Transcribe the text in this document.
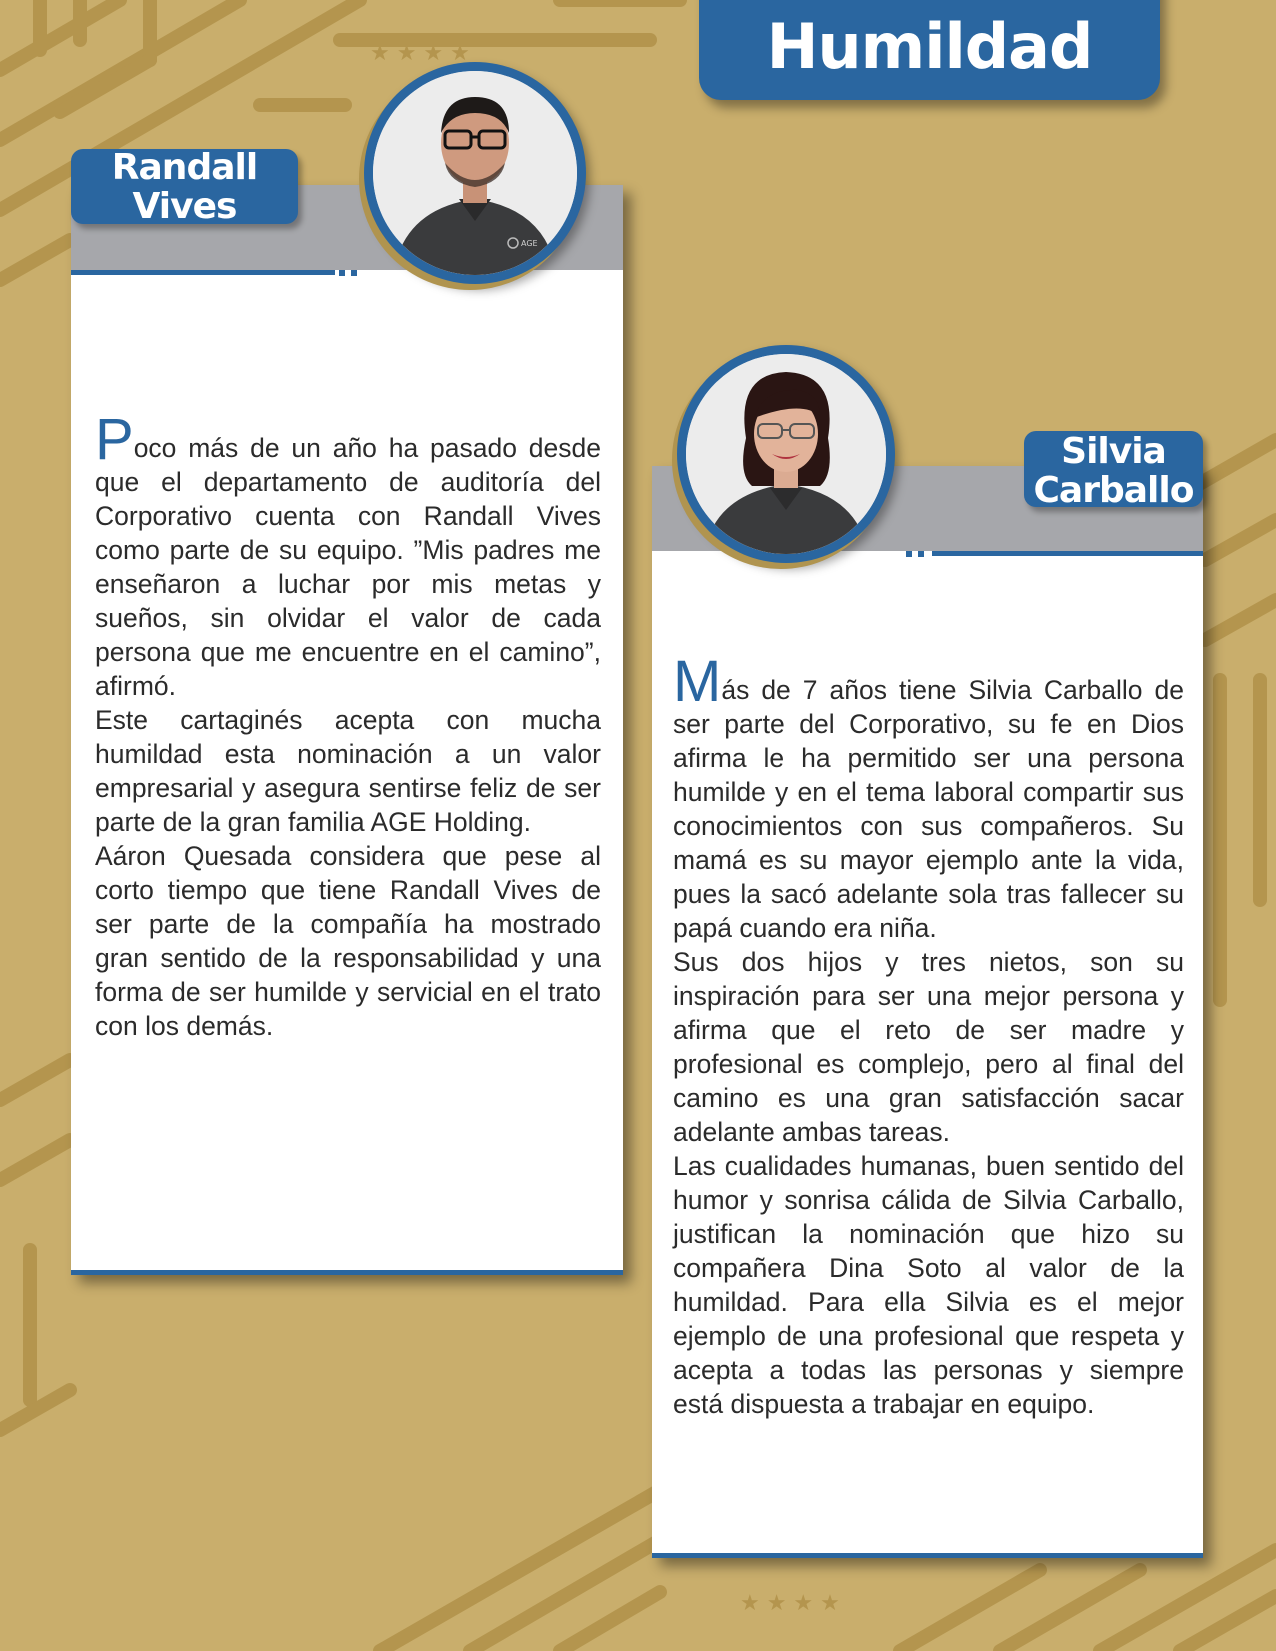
★ ★ ★ ★
★ ★ ★ ★
Humildad
Randall
Vives
AGE

Poco más de un año ha pasado desde que el departamento de auditoría del Corporativo cuenta con Randall Vives como parte de su equipo. ”Mis padres me enseñaron a luchar por mis metas y sueños, sin olvidar el valor de cada persona que me encuentre en el camino”, afirmó.

Este cartaginés acepta con mucha humildad esta nominación a un valor empresarial y asegura sentirse feliz de ser parte de la gran familia AGE Holding.

Aáron Quesada considera que pese al corto tiempo que tiene Randall Vives de ser parte de la compañía ha mostrado gran sentido de la responsabilidad y una forma de ser humilde y servicial en el trato con los demás.

Silvia
Carballo

Más de 7 años tiene Silvia Carballo de ser parte del Corporativo, su fe en Dios afirma le ha permitido ser una persona humilde y en el tema laboral compartir sus conocimientos con sus compañeros. Su mamá es su mayor ejemplo ante la vida, pues la sacó adelante sola tras fallecer su papá cuando era niña.

Sus dos hijos y tres nietos, son su inspiración para ser una mejor persona y afirma que el reto de ser madre y profesional es complejo, pero al final del camino es una gran satisfacción sacar adelante ambas tareas.

Las cualidades humanas, buen sentido del humor y sonrisa cálida de Silvia Carballo, justifican la nominación que hizo su compañera Dina Soto al valor de la humildad. Para ella Silvia es el mejor ejemplo de una profesional que respeta y acepta a todas las personas y siempre está dispuesta a trabajar en equipo.
